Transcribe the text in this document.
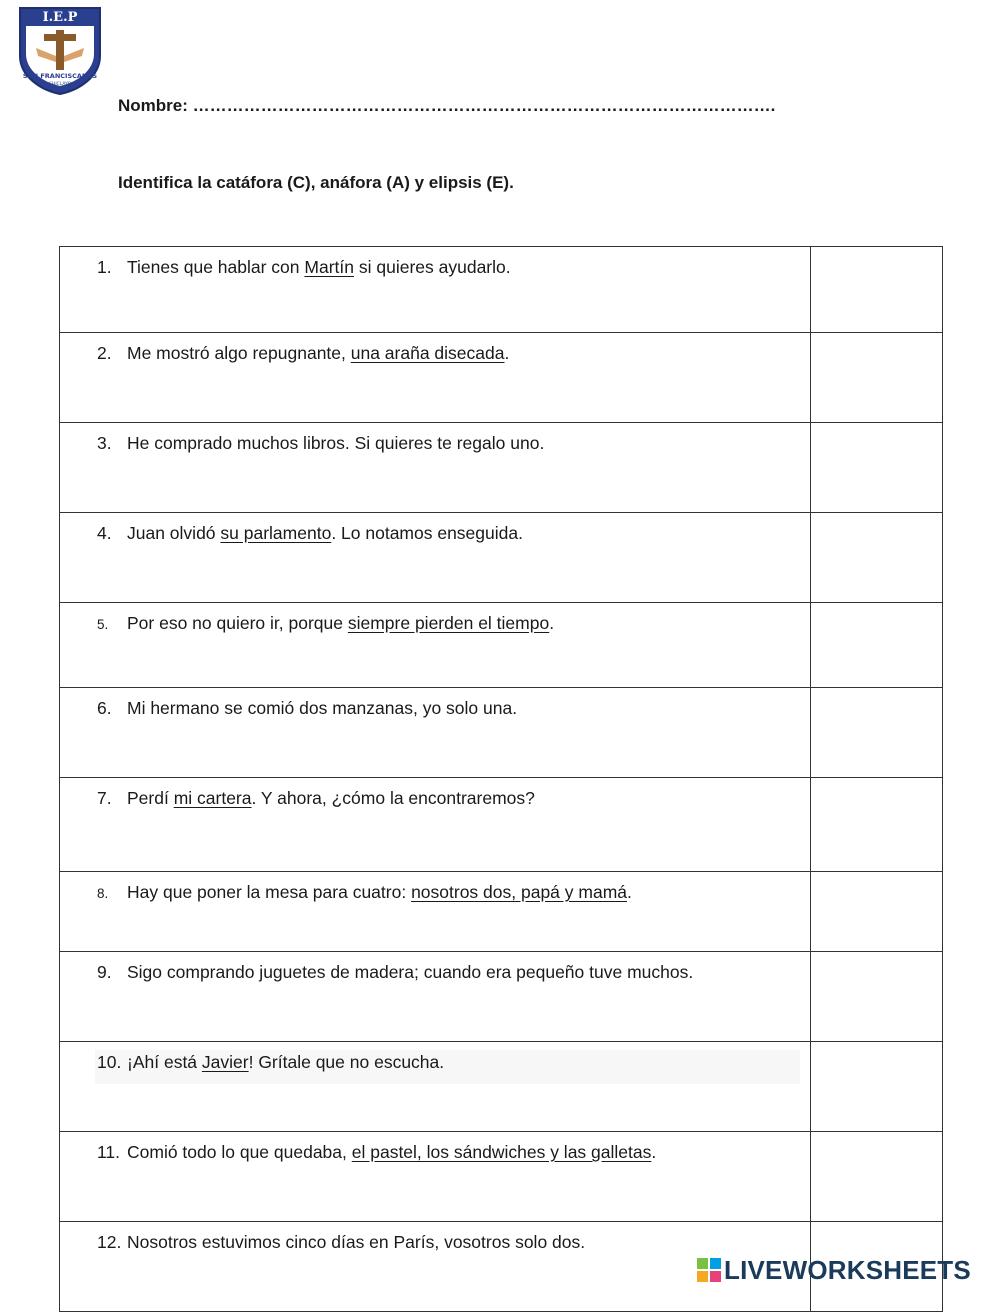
I.E.P
SAN FRANCISCANAS
CHICLAYO
Nombre: ………………………………………………………………………………………….
Identifica la catáfora (C), anáfora (A) y elipsis (E).
1. Tienes que hablar con Martín si quieres ayudarlo.	

2. Me mostró algo repugnante, una araña disecada.	

3. He comprado muchos libros. Si quieres te regalo uno.	

4. Juan olvidó su parlamento. Lo notamos enseguida.	

5. Por eso no quiero ir, porque siempre pierden el tiempo.	

6. Mi hermano se comió dos manzanas, yo solo una.	

7. Perdí mi cartera. Y ahora, ¿cómo la encontraremos?	

8. Hay que poner la mesa para cuatro: nosotros dos, papá y mamá.	

9. Sigo comprando juguetes de madera; cuando era pequeño tuve muchos.	

10. ¡Ahí está Javier! Grítale que no escucha.	

11. Comió todo lo que quedaba, el pastel, los sándwiches y las galletas.	

12. Nosotros estuvimos cinco días en París, vosotros solo dos.	

LIVEWORKSHEETS
